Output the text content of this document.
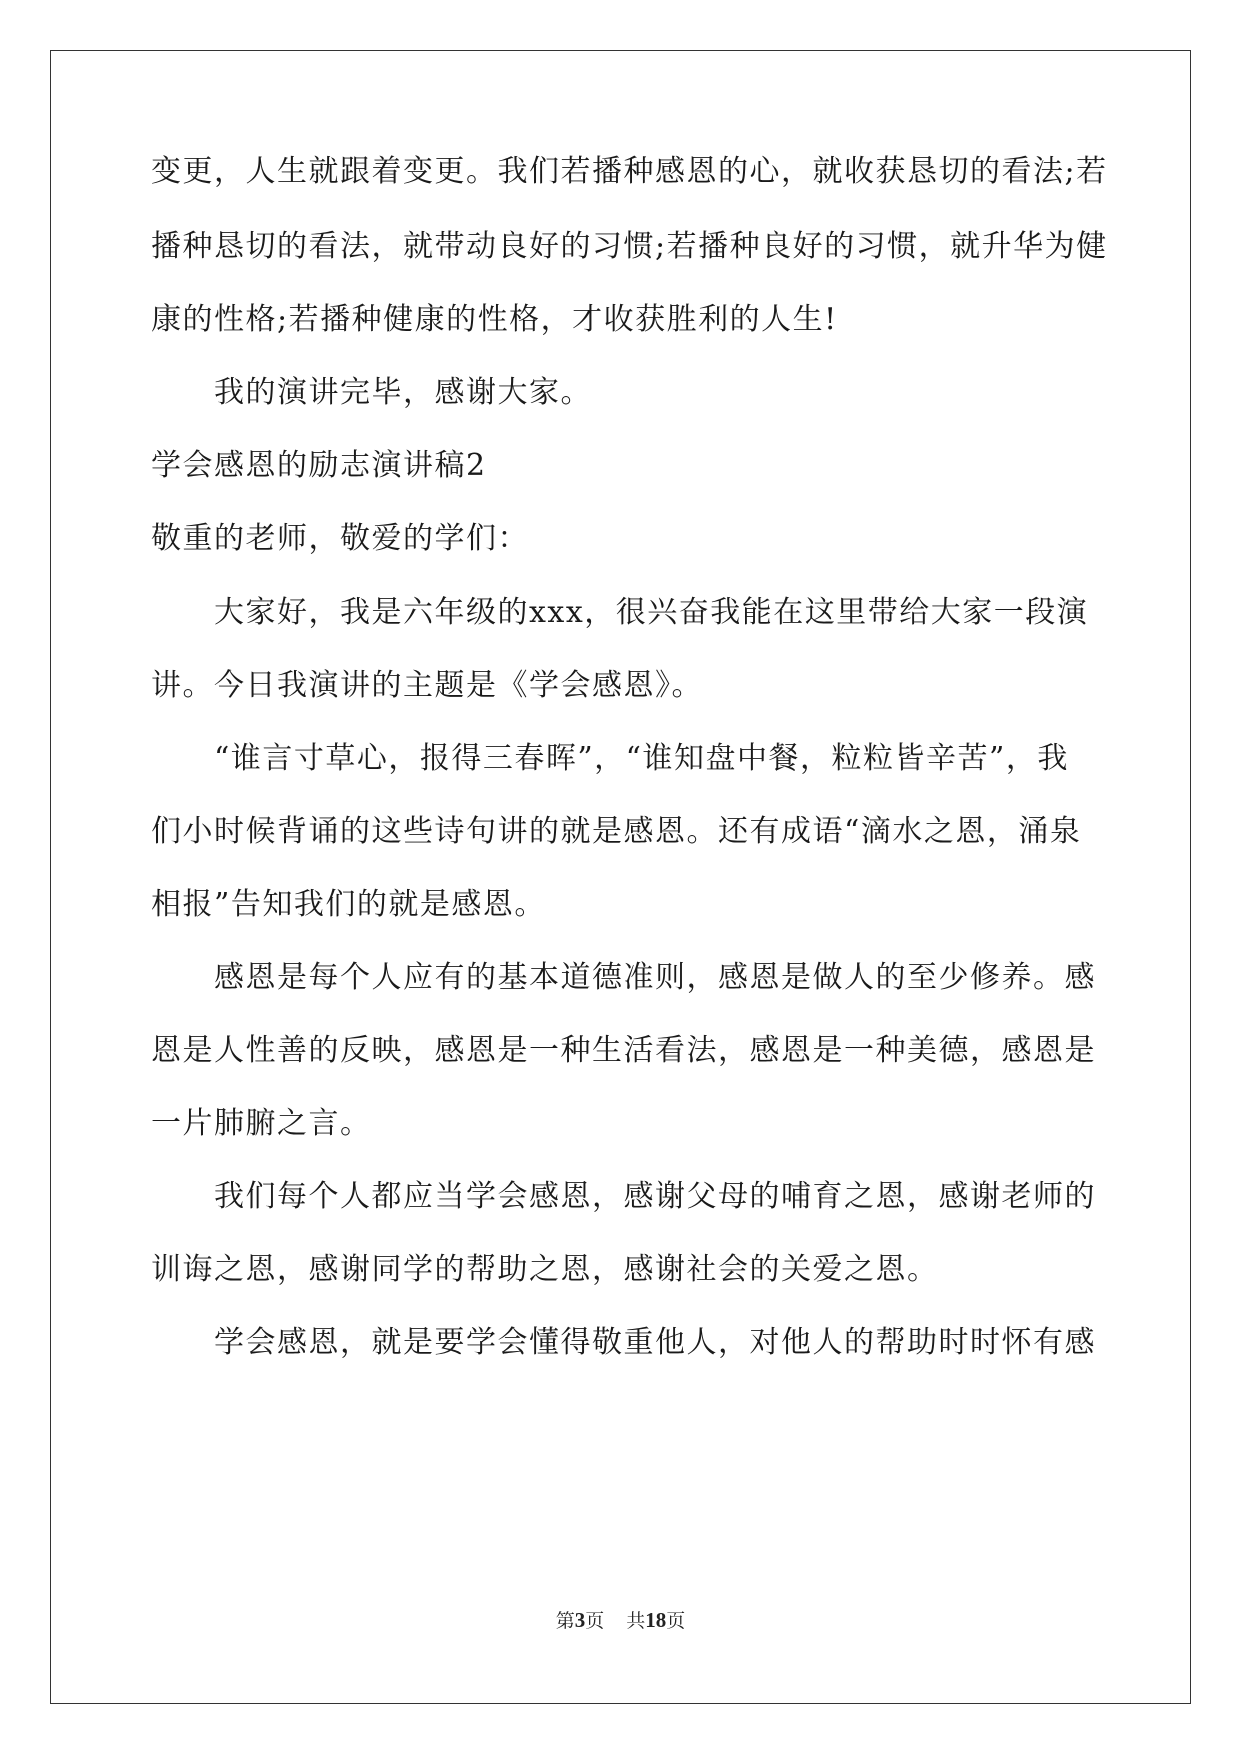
变更，人生就跟着变更。我们若播种感恩的心，就收获恳切的看法;若
播种恳切的看法，就带动良好的习惯;若播种良好的习惯，就升华为健
康的性格;若播种健康的性格，才收获胜利的人生!
我的演讲完毕，感谢大家。
学会感恩的励志演讲稿2
敬重的老师，敬爱的学们：
大家好，我是六年级的xxx，很兴奋我能在这里带给大家一段演
讲。今日我演讲的主题是《学会感恩》。
“谁言寸草心，报得三春晖”，“谁知盘中餐，粒粒皆辛苦”，我
们小时候背诵的这些诗句讲的就是感恩。还有成语“滴水之恩，涌泉
相报”告知我们的就是感恩。
感恩是每个人应有的基本道德准则，感恩是做人的至少修养。感
恩是人性善的反映，感恩是一种生活看法，感恩是一种美德，感恩是
一片肺腑之言。
我们每个人都应当学会感恩，感谢父母的哺育之恩，感谢老师的
训诲之恩，感谢同学的帮助之恩，感谢社会的关爱之恩。
学会感恩，就是要学会懂得敬重他人，对他人的帮助时时怀有感
第3页 共18页
